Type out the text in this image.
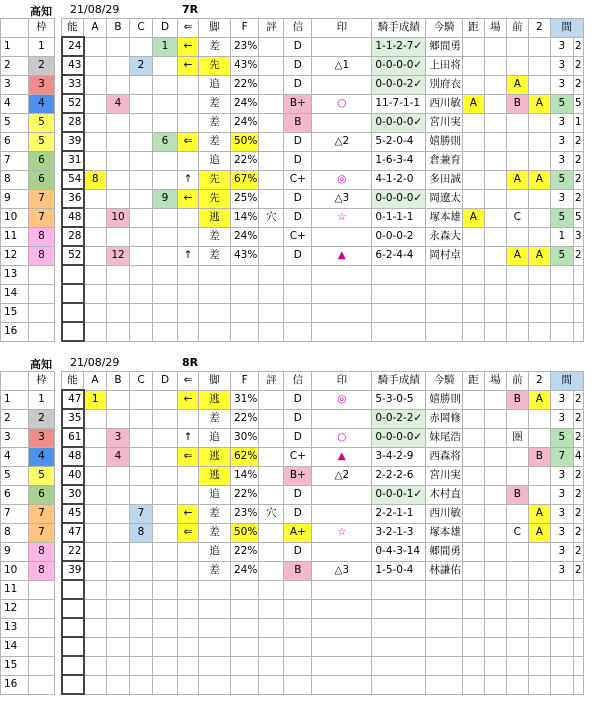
高知 21/08/29	7R
	枠		能	A	B	C	D	⇐	脚	F	評	信	印	騎手成績	今騎	距	場	前	2	間	
1	1		24				1	←	差	23%		D		1-1-2-7✓	郷間勇					3	2
2	2		43			2		←	先	43%		D	△1	0-0-0-0✓	上田将					3	2
3	3		33						追	22%		D		0-0-0-2✓	別府衣			A		3	2
4	4		52		4				差	24%		B+	○	11-7-1-1	西川敏	A		B	A	5	5
5	5		28						差	24%		B		0-0-0-0✓	宮川実					3	1
6	5		39				6	⇐	差	50%		D	△2	5-2-0-4	嬉勝則					3	2
7	6		31						追	22%		D		1-6-3-4	倉兼育					3	2
8	6		54	8				↑	先	67%		C+	◎	4-1-2-0	多田誠			A	A	5	2
9	7		36				9	←	先	25%		D	△3	0-0-0-0✓	岡遼太					3	2
10	7		48		10				逃	14%	穴	D	☆	0-1-1-1	塚本雄	A		C		5	5
11	8		28						差	24%		C+		0-0-0-2	永森大					1	3
12	8		52		12			↑	差	43%		D	▲	6-2-4-4	岡村卓			A	A	5	2
13																					
14																					
15																					
16																					
高知 21/08/29	8R
	枠		能	A	B	C	D	⇐	脚	F	評	信	印	騎手成績	今騎	距	場	前	2	間	
1	1		47	1				←	逃	31%		D	◎	5-3-0-5	嬉勝則			B	A	3	2
2	2		35						差	22%		D		0-0-2-2✓	赤岡修					3	2
3	3		61		3			↑	追	30%		D	○	0-0-0-0✓	妹尾浩			圏		5	2
4	4		48		4			⇐	逃	62%		C+	▲	3-4-2-9	西森将				B	7	4
5	5		40						逃	14%		B+	△2	2-2-2-6	宮川実					3	2
6	6		30						追	22%		D		0-0-0-1✓	木村直			B		3	2
7	7		45			7		←	差	23%	穴	D		2-2-1-1	西川敏				A	3	2
8	7		47			8		⇐	差	50%		A+	☆	3-2-1-3	塚本雄			C	A	3	2
9	8		22						追	22%		D		0-4-3-14	郷間勇					3	2
10	8		39						差	24%		B	△3	1-5-0-4	林謙佑					3	2
11																					
12																					
13																					
14																					
15																					
16																					
